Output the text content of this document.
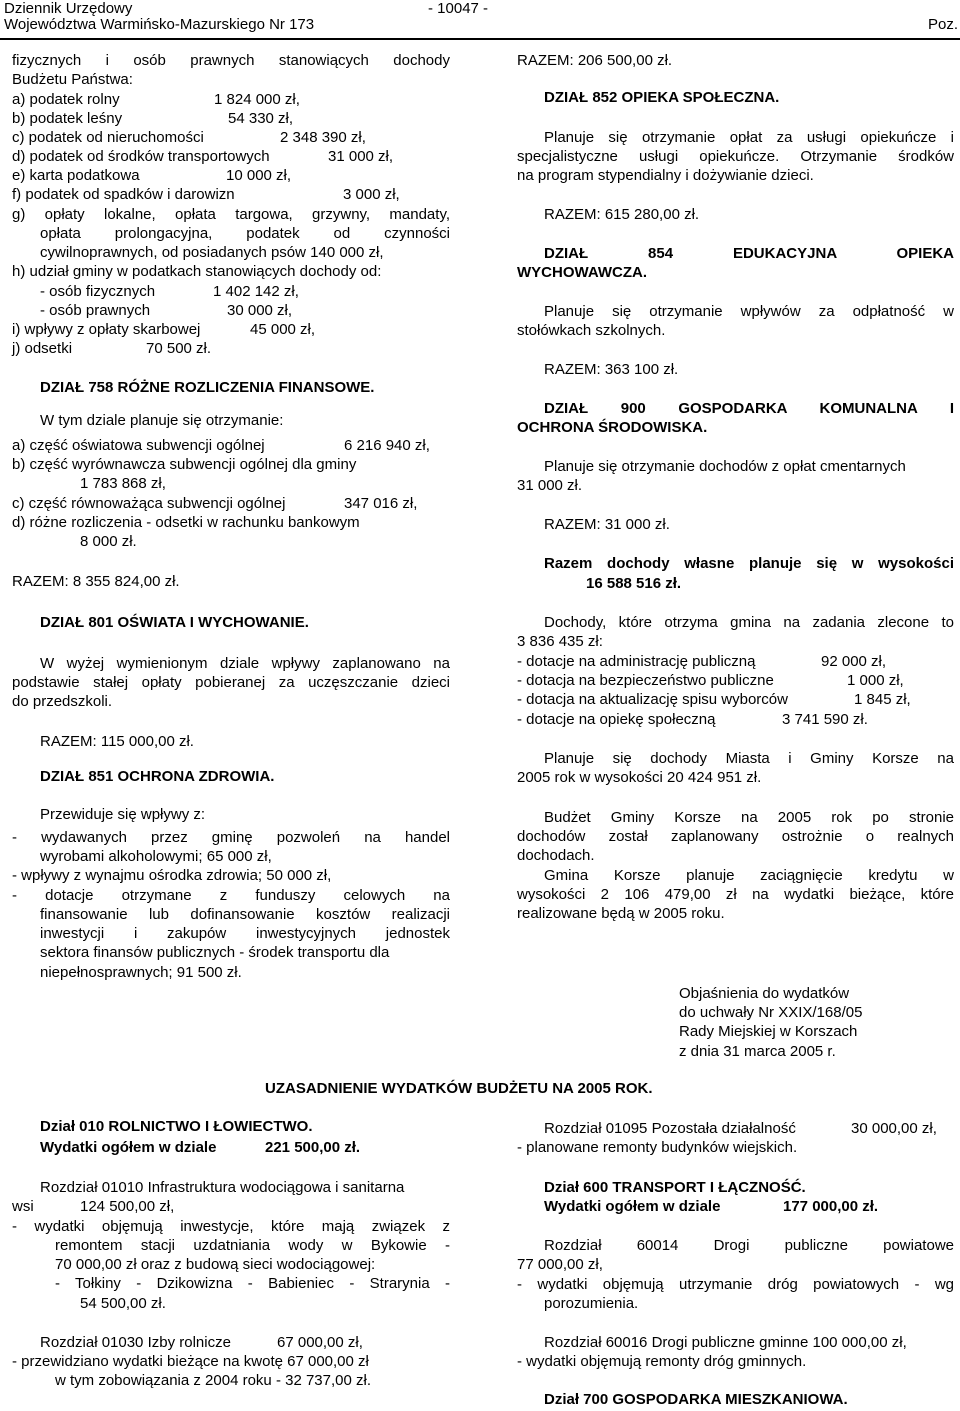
Dziennik Urzędowy
Województwa Warmińsko-Mazurskiego Nr 173
- 10047 -
Poz.
fizycznych i osób prawnych stanowiących dochody
Budżetu Państwa:
a) podatek rolny	1 824 000 zł,
b) podatek leśny	54 330 zł,
c) podatek od nieruchomości	2 348 390 zł,
d) podatek od środków transportowych	31 000 zł,
e) karta podatkowa	10 000 zł,
f) podatek od spadków i darowizn	3 000 zł,
g) opłaty lokalne, opłata targowa, grzywny, mandaty,
opłata prolongacyjna, podatek od czynności
cywilnoprawnych, od posiadanych psów 140 000 zł,
h) udział gminy w podatkach stanowiących dochody od:
- osób fizycznych	1 402 142 zł,
- osób prawnych	30 000 zł,
i) wpływy z opłaty skarbowej	45 000 zł,
j) odsetki	70 500 zł.
DZIAŁ 758 RÓŻNE ROZLICZENIA FINANSOWE.
W tym dziale planuje się otrzymanie:
a) część oświatowa subwencji ogólnej	6 216 940 zł,
b) część wyrównawcza subwencji ogólnej dla gminy
1 783 868 zł,
c) część równoważąca subwencji ogólnej	347 016 zł,
d) różne rozliczenia - odsetki w rachunku bankowym
8 000 zł.
RAZEM: 8 355 824,00 zł.
DZIAŁ 801 OŚWIATA I WYCHOWANIE.
W wyżej wymienionym dziale wpływy zaplanowano na
podstawie stałej opłaty pobieranej za uczęszczanie dzieci
do przedszkoli.
RAZEM: 115 000,00 zł.
DZIAŁ 851 OCHRONA ZDROWIA.
Przewiduje się wpływy z:
- wydawanych przez gminę pozwoleń na handel
wyrobami alkoholowymi; 65 000 zł,
- wpływy z wynajmu ośrodka zdrowia; 50 000 zł,
- dotacje otrzymane z funduszy celowych na
finansowanie lub dofinansowanie kosztów realizacji
inwestycji i zakupów inwestycyjnych jednostek
sektora finansów publicznych - środek transportu dla
niepełnosprawnych; 91 500 zł.
RAZEM: 206 500,00 zł.
DZIAŁ 852 OPIEKA SPOŁECZNA.
Planuje się otrzymanie opłat za usługi opiekuńcze i
specjalistyczne usługi opiekuńcze. Otrzymanie środków
na program stypendialny i dożywianie dzieci.
RAZEM: 615 280,00 zł.
DZIAŁ 854 EDUKACYJNA OPIEKA
WYCHOWAWCZA.
Planuje się otrzymanie wpływów za odpłatność w
stołówkach szkolnych.
RAZEM: 363 100 zł.
DZIAŁ 900 GOSPODARKA KOMUNALNA I
OCHRONA ŚRODOWISKA.
Planuje się otrzymanie dochodów z opłat cmentarnych
31 000 zł.
RAZEM: 31 000 zł.
Razem dochody własne planuje się w wysokości
16 588 516 zł.
Dochody, które otrzyma gmina na zadania zlecone to
3 836 435 zł:
- dotacje na administrację publiczną	92 000 zł,
- dotacja na bezpieczeństwo publiczne	1 000 zł,
- dotacja na aktualizację spisu wyborców	1 845 zł,
- dotacje na opiekę społeczną	3 741 590 zł.
Planuje się dochody Miasta i Gminy Korsze na
2005 rok w wysokości 20 424 951 zł.
Budżet Gminy Korsze na 2005 rok po stronie
dochodów został zaplanowany ostrożnie o realnych
dochodach.
Gmina Korsze planuje zaciągnięcie kredytu w
wysokości 2 106 479,00 zł na wydatki bieżące, które
realizowane będą w 2005 roku.
Objaśnienia do wydatków
do uchwały Nr XXIX/168/05
Rady Miejskiej w Korszach
z dnia 31 marca 2005 r.
UZASADNIENIE WYDATKÓW BUDŻETU NA 2005 ROK.
Dział 010 ROLNICTWO I ŁOWIECTWO.
Wydatki ogółem w dziale	221 500,00 zł.
Rozdział 01010 Infrastruktura wodociągowa i sanitarna
wsi	124 500,00 zł,
- wydatki objęmują inwestycje, które mają związek z
remontem stacji uzdatniania wody w Bykowie -
70 000,00 zł oraz z budową sieci wodociągowej:
- Tołkiny - Dzikowizna - Babieniec - Strarynia -
54 500,00 zł.
Rozdział 01030 Izby rolnicze	67 000,00 zł,
- przewidziano wydatki bieżące na kwotę 67 000,00 zł
w tym zobowiązania z 2004 roku - 32 737,00 zł.
Rozdział 01095 Pozostała działalność	30 000,00 zł,
- planowane remonty budynków wiejskich.
Dział 600 TRANSPORT I ŁĄCZNOŚĆ.
Wydatki ogółem w dziale	177 000,00 zł.
Rozdział 60014 Drogi publiczne powiatowe
77 000,00 zł,
- wydatki objęmują utrzymanie dróg powiatowych - wg
porozumienia.
Rozdział 60016 Drogi publiczne gminne 100 000,00 zł,
- wydatki objęmują remonty dróg gminnych.
Dział 700 GOSPODARKA MIESZKANIOWA.
